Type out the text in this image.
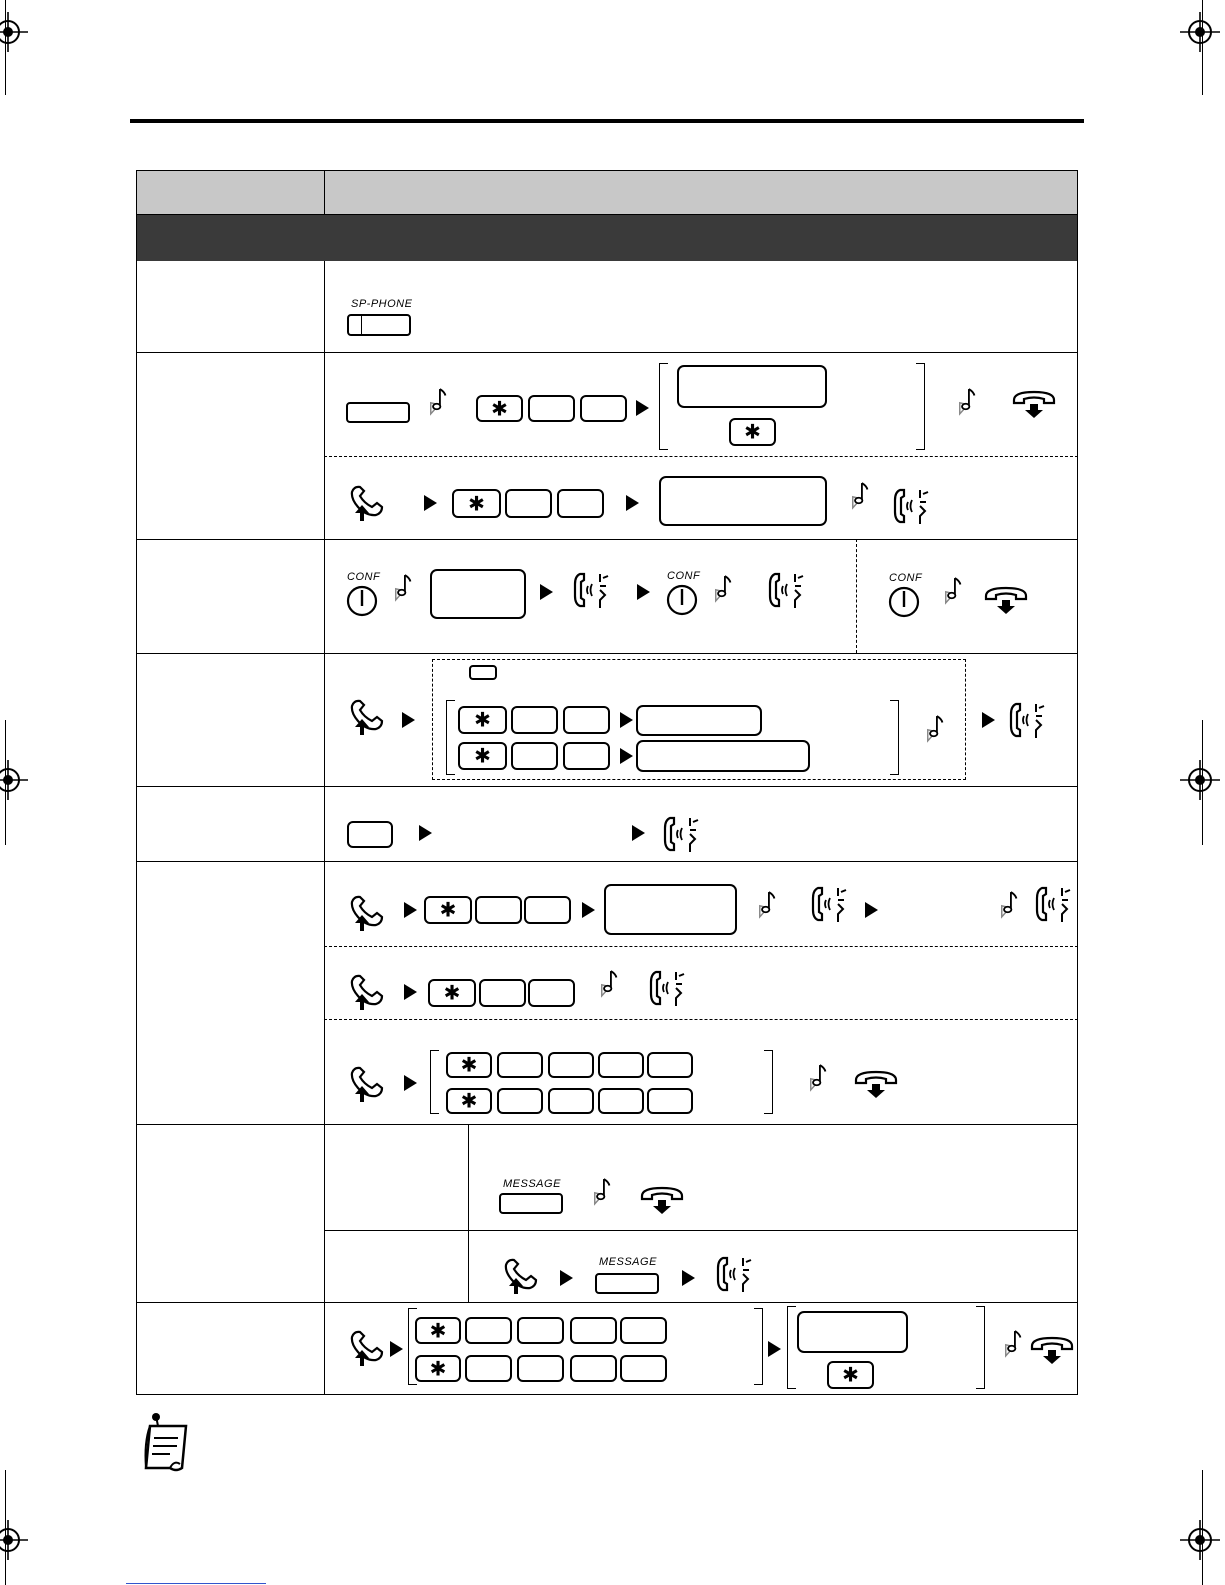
SP-PHONE
✱
✱
✱
CONF	CONF	CONF
✱
✱
✱
✱
✱
✱
MESSAGE
MESSAGE
✱
✱
✱
